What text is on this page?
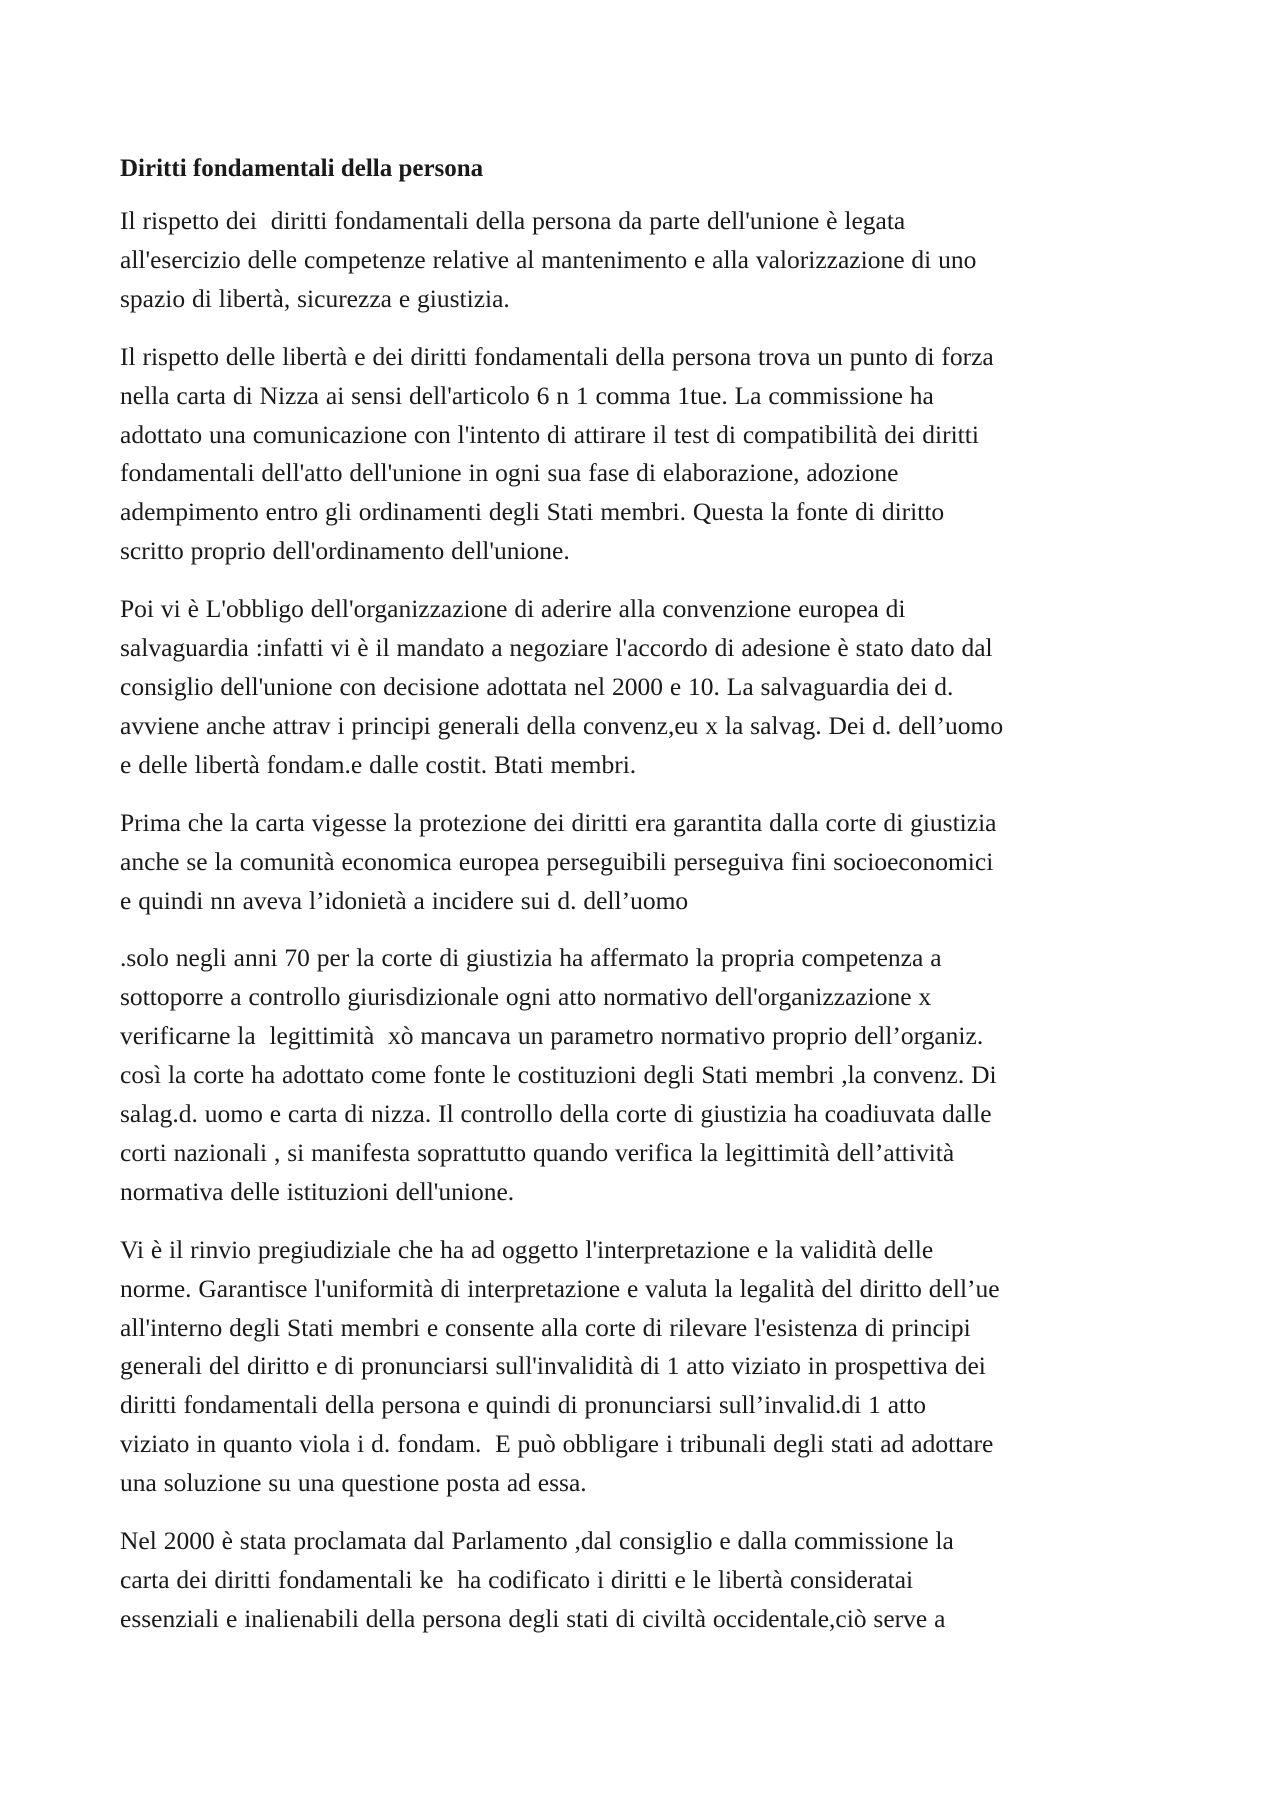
Diritti fondamentali della persona
Il rispetto dei  diritti fondamentali della persona da parte dell'unione è legata
all'esercizio delle competenze relative al mantenimento e alla valorizzazione di uno
spazio di libertà, sicurezza e giustizia.
Il rispetto delle libertà e dei diritti fondamentali della persona trova un punto di forza
nella carta di Nizza ai sensi dell'articolo 6 n 1 comma 1tue. La commissione ha
adottato una comunicazione con l'intento di attirare il test di compatibilità dei diritti
fondamentali dell'atto dell'unione in ogni sua fase di elaborazione, adozione
adempimento entro gli ordinamenti degli Stati membri. Questa la fonte di diritto
scritto proprio dell'ordinamento dell'unione.
Poi vi è L'obbligo dell'organizzazione di aderire alla convenzione europea di
salvaguardia :infatti vi è il mandato a negoziare l'accordo di adesione è stato dato dal
consiglio dell'unione con decisione adottata nel 2000 e 10. La salvaguardia dei d.
avviene anche attrav i principi generali della convenz,eu x la salvag. Dei d. dell’uomo
e delle libertà fondam.e dalle costit. Btati membri.
Prima che la carta vigesse la protezione dei diritti era garantita dalla corte di giustizia
anche se la comunità economica europea perseguibili perseguiva fini socioeconomici
e quindi nn aveva l’idonietà a incidere sui d. dell’uomo
.solo negli anni 70 per la corte di giustizia ha affermato la propria competenza a
sottoporre a controllo giurisdizionale ogni atto normativo dell'organizzazione x
verificarne la  legittimità  xò mancava un parametro normativo proprio dell’organiz.
così la corte ha adottato come fonte le costituzioni degli Stati membri ,la convenz. Di
salag.d. uomo e carta di nizza. Il controllo della corte di giustizia ha coadiuvata dalle
corti nazionali , si manifesta soprattutto quando verifica la legittimità dell’attività
normativa delle istituzioni dell'unione.
Vi è il rinvio pregiudiziale che ha ad oggetto l'interpretazione e la validità delle
norme. Garantisce l'uniformità di interpretazione e valuta la legalità del diritto dell’ue
all'interno degli Stati membri e consente alla corte di rilevare l'esistenza di principi
generali del diritto e di pronunciarsi sull'invalidità di 1 atto viziato in prospettiva dei
diritti fondamentali della persona e quindi di pronunciarsi sull’invalid.di 1 atto
viziato in quanto viola i d. fondam.  E può obbligare i tribunali degli stati ad adottare
una soluzione su una questione posta ad essa.
Nel 2000 è stata proclamata dal Parlamento ,dal consiglio e dalla commissione la
carta dei diritti fondamentali ke  ha codificato i diritti e le libertà consideratai
essenziali e inalienabili della persona degli stati di civiltà occidentale,ciò serve a
